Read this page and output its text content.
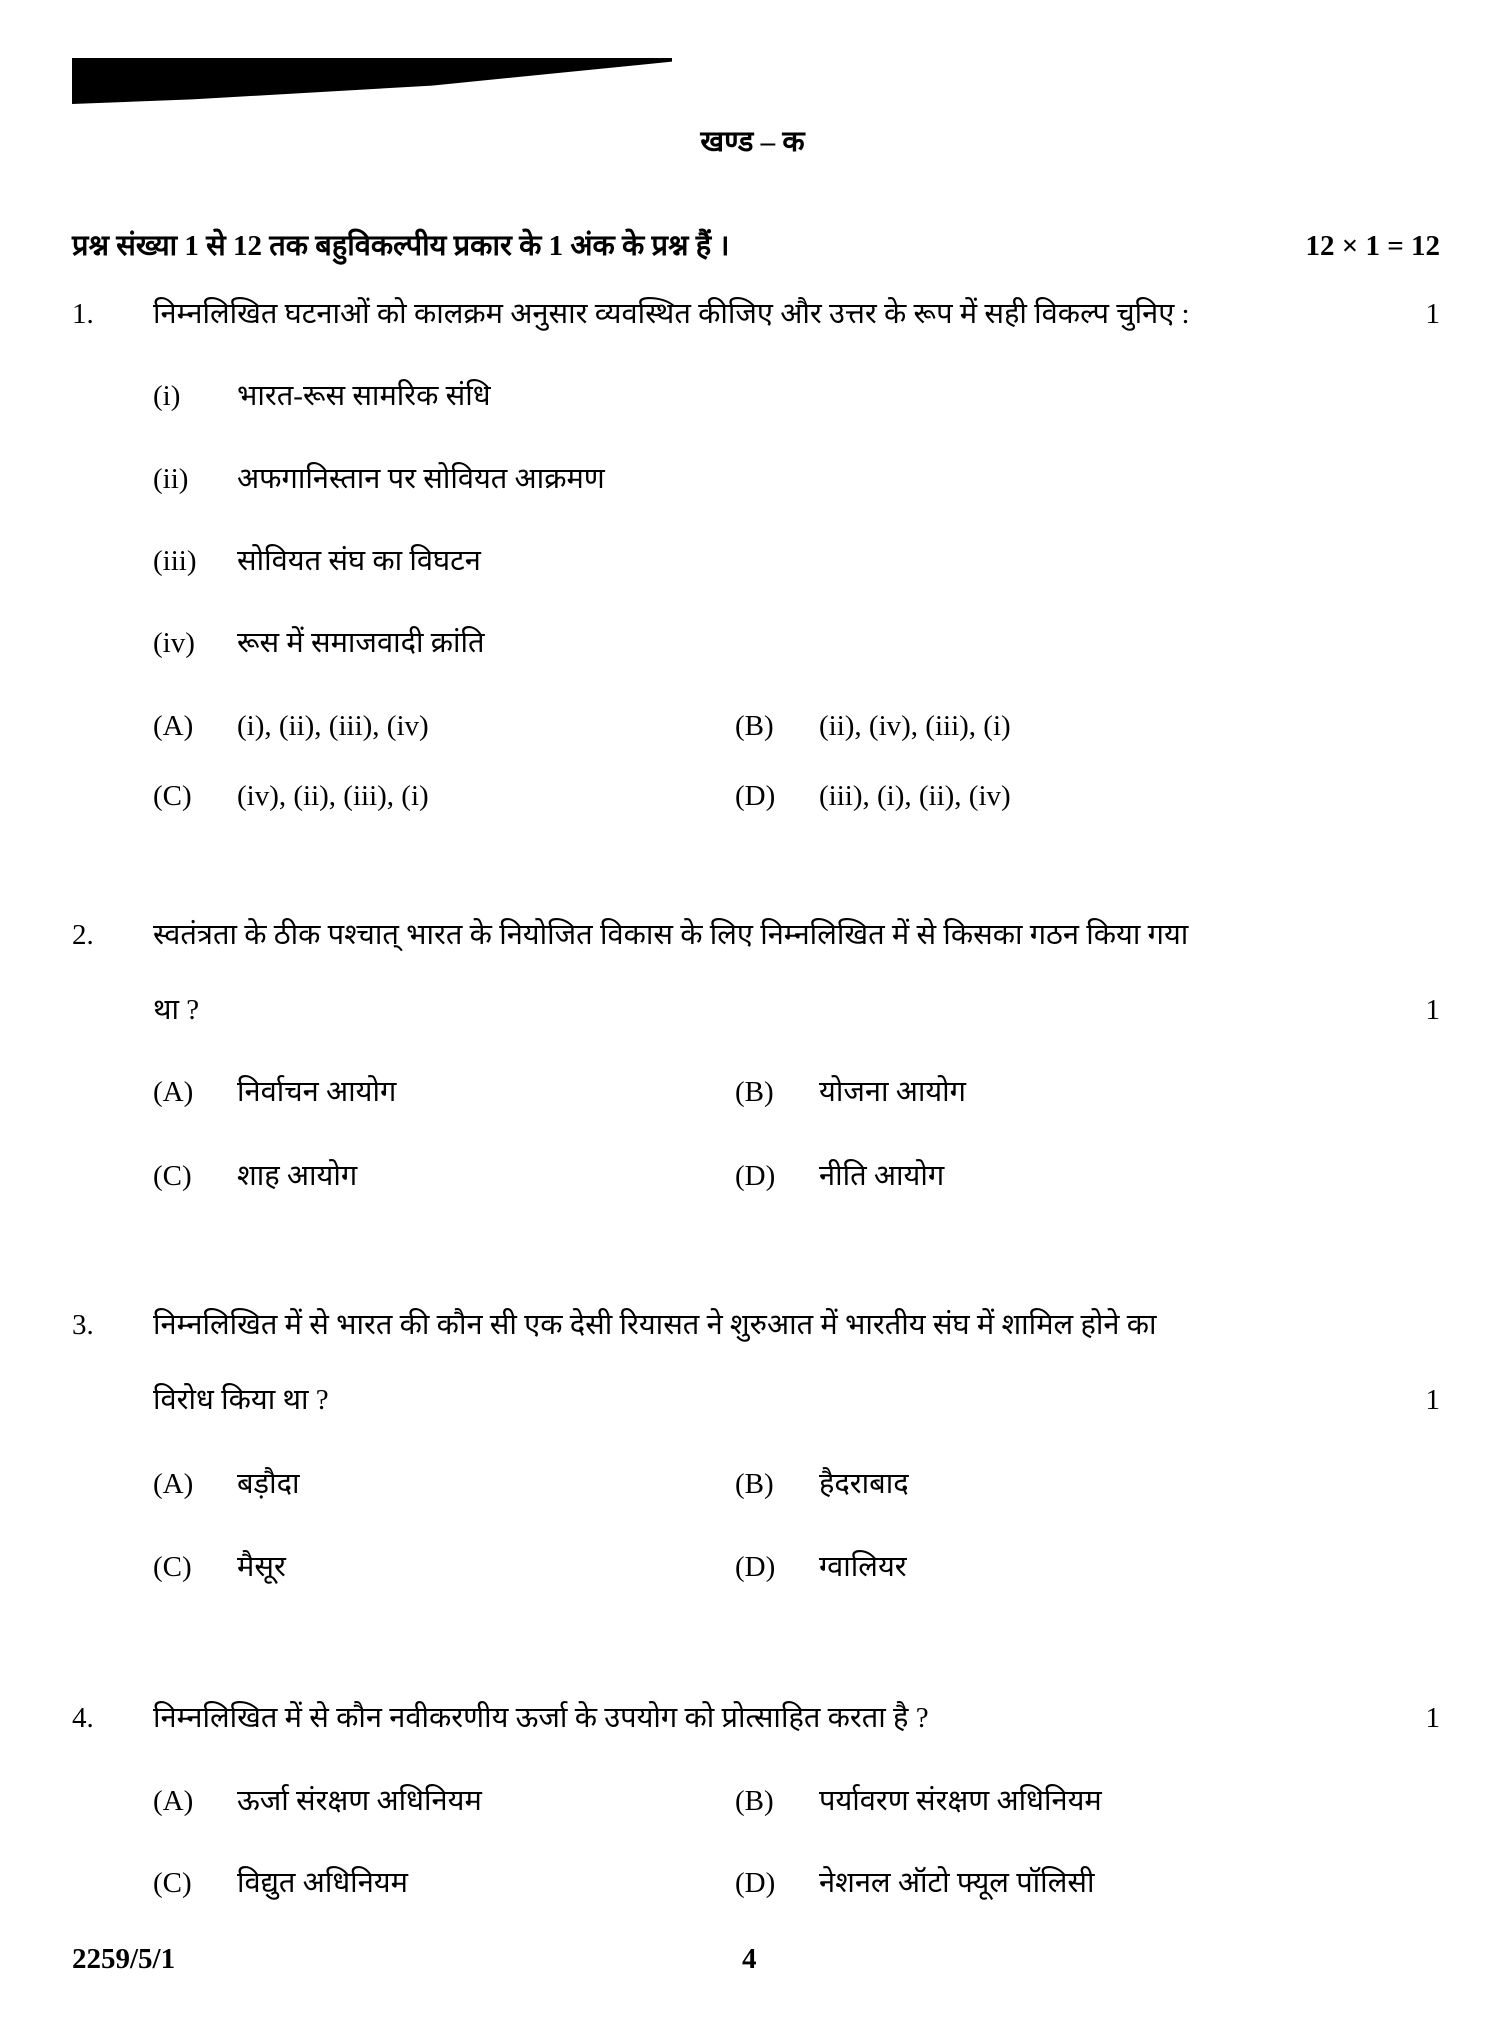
खण्ड – क
प्रश्न संख्या 1 से 12 तक बहुविकल्पीय प्रकार के 1 अंक के प्रश्न हैं ।	12 × 1 = 12
1. निम्नलिखित घटनाओं को कालक्रम अनुसार व्यवस्थित कीजिए और उत्तर के रूप में सही विकल्प चुनिए :	1
(i) भारत-रूस सामरिक संधि
(ii) अफगानिस्तान पर सोवियत आक्रमण
(iii) सोवियत संघ का विघटन
(iv) रूस में समाजवादी क्रांति
(A) (i), (ii), (iii), (iv)	(B) (ii), (iv), (iii), (i)
(C) (iv), (ii), (iii), (i)	(D) (iii), (i), (ii), (iv)
2. स्वतंत्रता के ठीक पश्चात् भारत के नियोजित विकास के लिए निम्नलिखित में से किसका गठन किया गया
था ?	1
(A) निर्वाचन आयोग	(B) योजना आयोग
(C) शाह आयोग	(D) नीति आयोग
3. निम्नलिखित में से भारत की कौन सी एक देसी रियासत ने शुरुआत में भारतीय संघ में शामिल होने का
विरोध किया था ?	1
(A) बड़ौदा	(B) हैदराबाद
(C) मैसूर	(D) ग्वालियर
4. निम्नलिखित में से कौन नवीकरणीय ऊर्जा के उपयोग को प्रोत्साहित करता है ?	1
(A) ऊर्जा संरक्षण अधिनियम	(B) पर्यावरण संरक्षण अधिनियम
(C) विद्युत अधिनियम	(D) नेशनल ऑटो फ्यूल पॉलिसी
2259/5/1	4
